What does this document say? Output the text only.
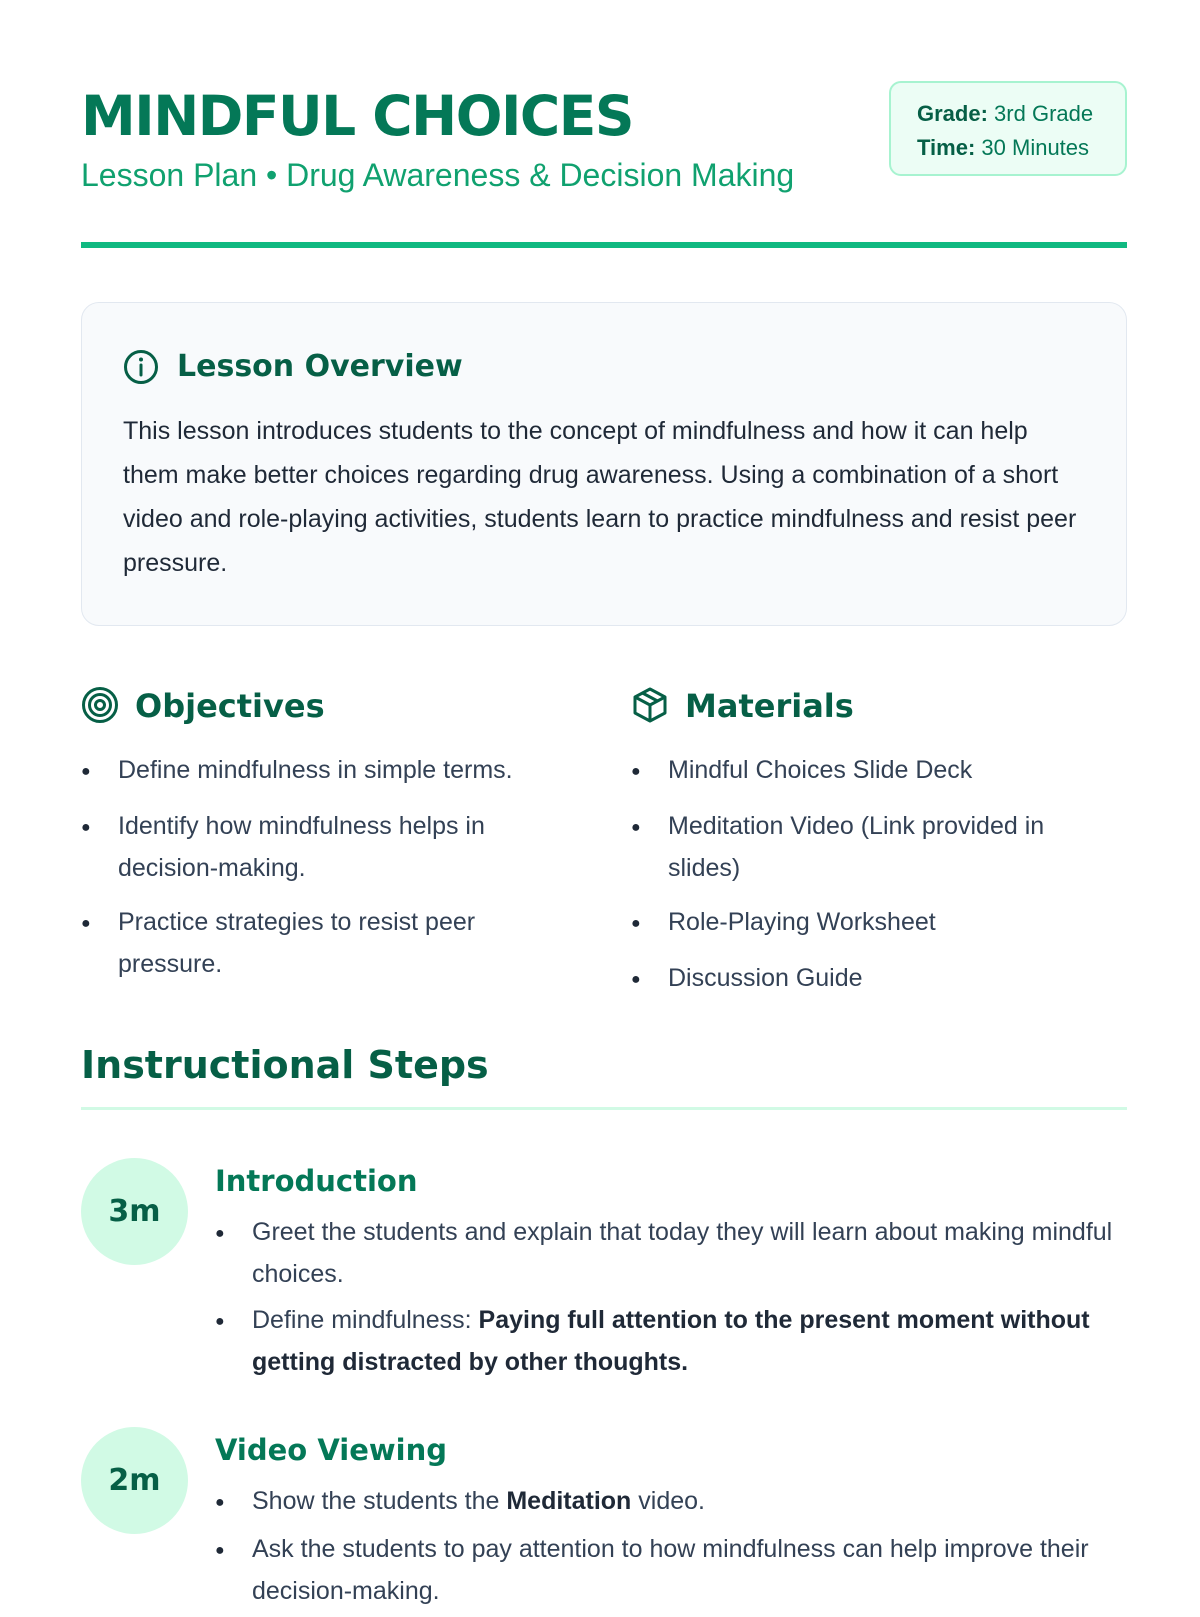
MINDFUL CHOICES
Lesson Plan • Drug Awareness & Decision Making
Grade: 3rd Grade
Time: 30 Minutes
Lesson Overview

This lesson introduces students to the concept of mindfulness and how it can help them make better choices regarding drug awareness. Using a combination of a short video and role-playing activities, students learn to practice mindfulness and resist peer pressure.

Objectives
● Define mindfulness in simple terms.
● Identify how mindfulness helps in decision-making.
● Practice strategies to resist peer pressure.
Materials
● Mindful Choices Slide Deck
● Meditation Video (Link provided in slides)
● Role-Playing Worksheet
● Discussion Guide
Instructional Steps
3m
Introduction
● Greet the students and explain that today they will learn about making mindful choices.
● Define mindfulness: Paying full attention to the present moment without getting distracted by other thoughts.
2m
Video Viewing
● Show the students the Meditation video.
● Ask the students to pay attention to how mindfulness can help improve their decision-making.
